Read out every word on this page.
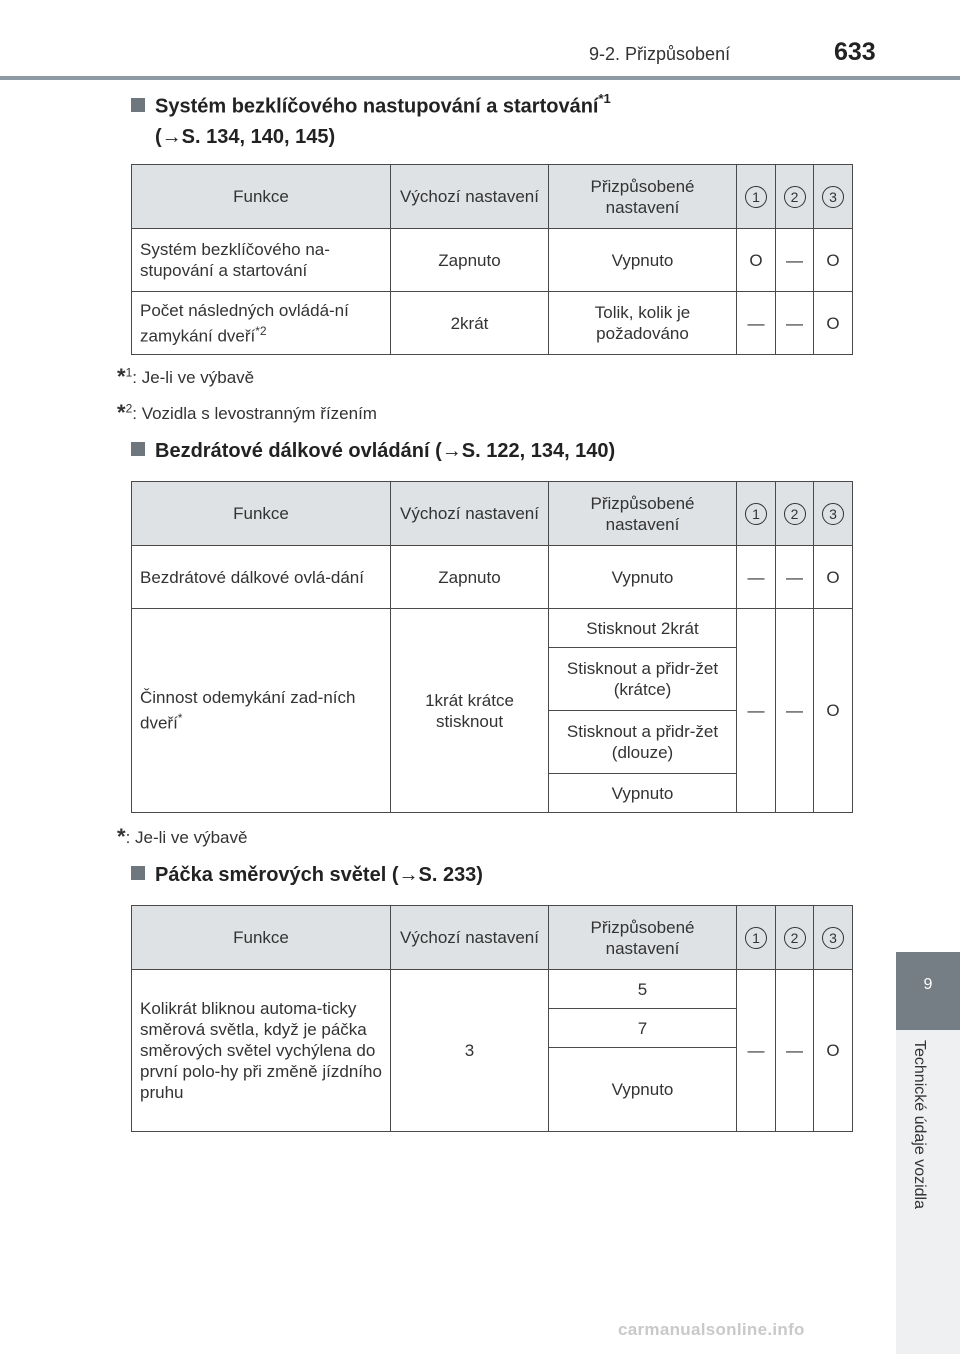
9-2. Přizpůsobení	633
9
Technické údaje vozidla
Systém bezklíčového nastupování a startování$^{*1}$
(→S. 134, 140, 145)
Funkce	Výchozí nastavení	Přizpůsobené nastavení	1	2	3
Systém bezklíčového na-stupování a startování	Zapnuto	Vypnuto	O	—	O
Počet následných ovládá-ní zamykání dveří$^{*2}$	2krát	Tolik, kolik je požadováno	—	—	O
*$^1$: Je-li ve výbavě
*$^2$: Vozidla s levostranným řízením
Bezdrátové dálkové ovládání (→S. 122, 134, 140)
Funkce	Výchozí nastavení	Přizpůsobené nastavení	1	2	3
Bezdrátové dálkové ovlá-dání	Zapnuto	Vypnuto	—	—	O
Činnost odemykání zad-ních dveří*	1krát krátce stisknout	Stisknout 2krát	—	—	O
		Stisknout a přidr-žet (krátce)			
		Stisknout a přidr-žet (dlouze)			
		Vypnuto			
*: Je-li ve výbavě
Páčka směrových světel (→S. 233)
Funkce	Výchozí nastavení	Přizpůsobené nastavení	1	2	3
Kolikrát bliknou automa-ticky směrová světla, když je páčka směrových světel vychýlena do první polo-hy při změně jízdního pruhu	3	5	—	—	O
		7			
		Vypnuto			
carmanualsonline.info
